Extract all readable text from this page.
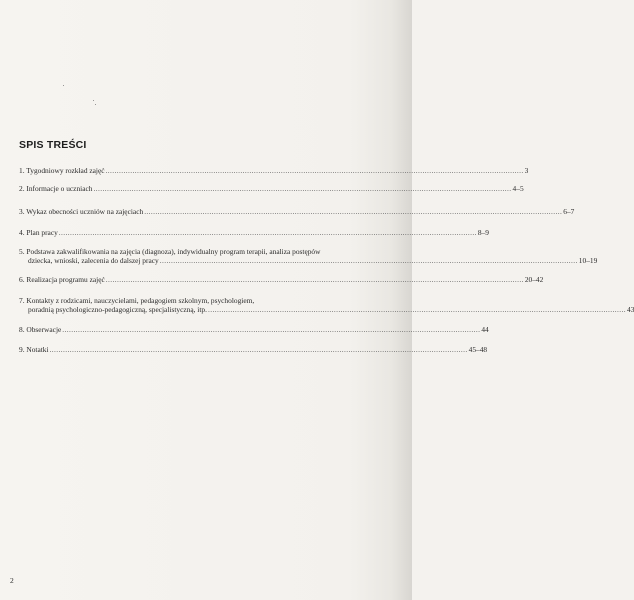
SPIS TREŚCI
1. Tygodniowy rozkład zajęć .......................................................................................................................................................................................... 3
2. Informacje o uczniach .......................................................................................................................................................................................... 4–5
3. Wykaz obecności uczniów na zajęciach .......................................................................................................................................................................................... 6–7
4. Plan pracy .......................................................................................................................................................................................... 8–9
5. Podstawa zakwalifikowania na zajęcia (diagnoza), indywidualny program terapii, analiza postępów
dziecka, wnioski, zalecenia do dalszej pracy .......................................................................................................................................................................................... 10–19
6. Realizacja programu zajęć .......................................................................................................................................................................................... 20–42
7. Kontakty z rodzicami, nauczycielami, pedagogiem szkolnym, psychologiem,
poradnią psychologiczno-pedagogiczną, specjalistyczną, itp. .......................................................................................................................................................................................... 43
8. Obserwacje .......................................................................................................................................................................................... 44
9. Notatki .......................................................................................................................................................................................... 45–48
2
